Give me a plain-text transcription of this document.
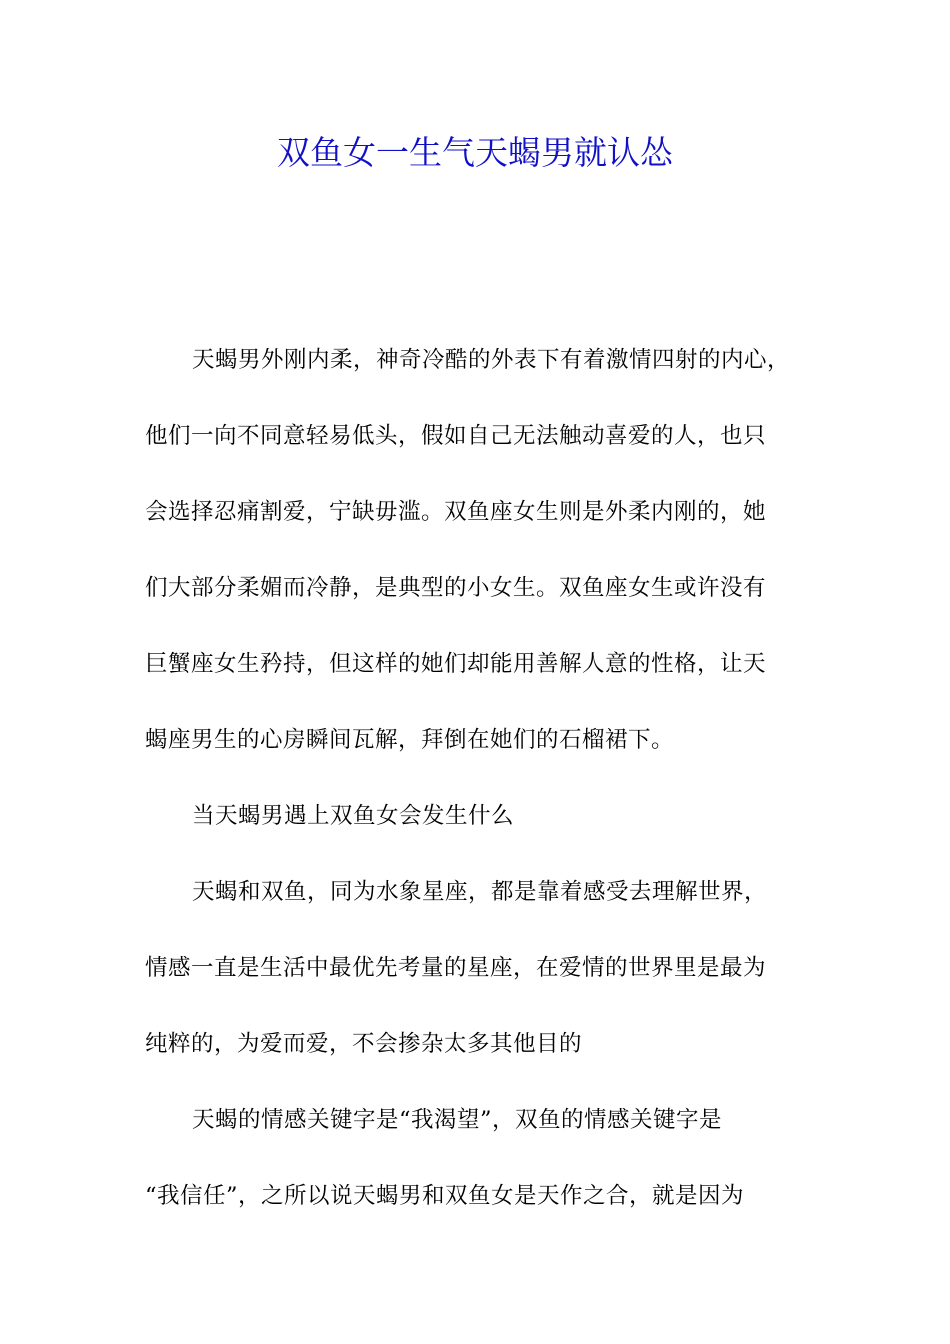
双鱼女一生气天蝎男就认怂
天蝎男外刚内柔，神奇冷酷的外表下有着激情四射的内心，
他们一向不同意轻易低头，假如自己无法触动喜爱的人，也只
会选择忍痛割爱，宁缺毋滥。双鱼座女生则是外柔内刚的，她
们大部分柔媚而冷静，是典型的小女生。双鱼座女生或许没有
巨蟹座女生矜持，但这样的她们却能用善解人意的性格，让天
蝎座男生的心房瞬间瓦解，拜倒在她们的石榴裙下。
当天蝎男遇上双鱼女会发生什么
天蝎和双鱼，同为水象星座，都是靠着感受去理解世界，
情感一直是生活中最优先考量的星座，在爱情的世界里是最为
纯粹的，为爱而爱，不会掺杂太多其他目的
天蝎的情感关键字是“我渴望”，双鱼的情感关键字是
“我信任”，之所以说天蝎男和双鱼女是天作之合，就是因为
